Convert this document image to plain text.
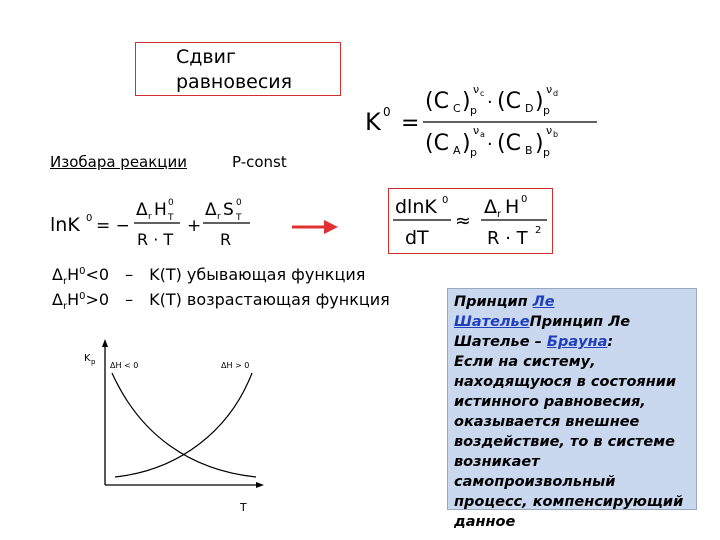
Сдвиг равновесия
K 0 =
(C C ) p
ν c · (C D ) p
ν d
(C A ) p
ν a · (C B ) p
ν b
Изобара реакции	P-const
lnK 0 = −
Δ r H 0
T
R · T
+
Δ r S 0
T
R
dlnK 0
dT
≈
Δ r H 0
R · T 2
$\Delta_rH^0<0 - K(T)$ убывающая функция
$\Delta_rH^0>0 - K(T)$ возрастающая функция
K p
T
ΔH < 0	ΔH > 0
Принцип Ле ШательеПринцип Ле Шателье – Брауна:
Если на систему, находящуюся в состоянии истинного равновесия, оказывается внешнее воздействие, то в системе возникает самопроизвольный процесс, компенсирующий данное
